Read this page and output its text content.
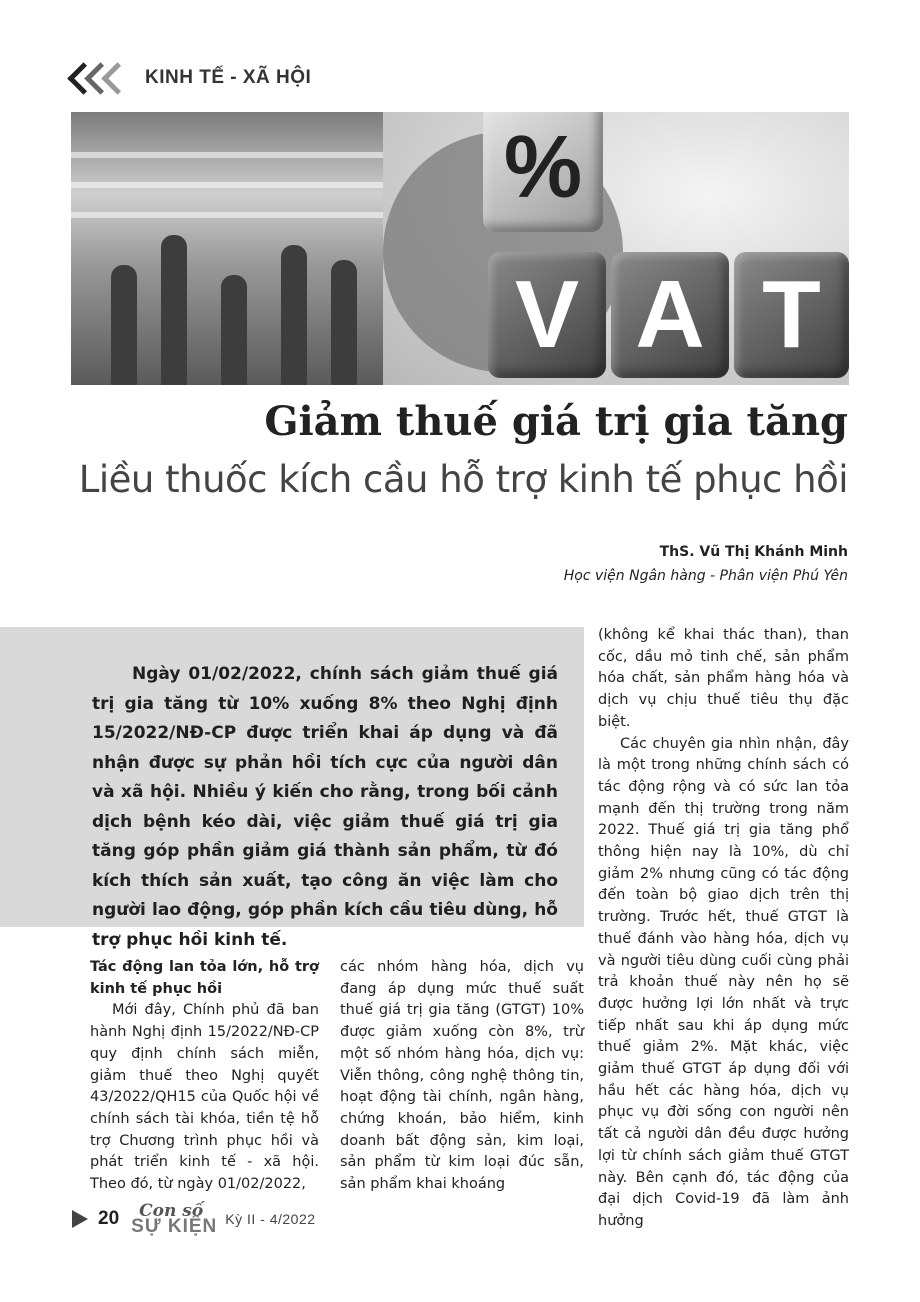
KINH TẾ - XÃ HỘI
%
V A T
Giảm thuế giá trị gia tăng
Liều thuốc kích cầu hỗ trợ kinh tế phục hồi
ThS. Vũ Thị Khánh Minh
Học viện Ngân hàng - Phân viện Phú Yên

Ngày 01/02/2022, chính sách giảm thuế giá trị gia tăng từ 10% xuống 8% theo Nghị định 15/2022/NĐ-CP được triển khai áp dụng và đã nhận được sự phản hồi tích cực của người dân và xã hội. Nhiều ý kiến cho rằng, trong bối cảnh dịch bệnh kéo dài, việc giảm thuế giá trị gia tăng góp phần giảm giá thành sản phẩm, từ đó kích thích sản xuất, tạo công ăn việc làm cho người lao động, góp phần kích cầu tiêu dùng, hỗ trợ phục hồi kinh tế.

Tác động lan tỏa lớn, hỗ trợ kinh tế phục hồi

Mới đây, Chính phủ đã ban hành Nghị định 15/2022/NĐ-CP quy định chính sách miễn, giảm thuế theo Nghị quyết 43/2022/QH15 của Quốc hội về chính sách tài khóa, tiền tệ hỗ trợ Chương trình phục hồi và phát triển kinh tế - xã hội. Theo đó, từ ngày 01/02/2022,

các nhóm hàng hóa, dịch vụ đang áp dụng mức thuế suất thuế giá trị gia tăng (GTGT) 10% được giảm xuống còn 8%, trừ một số nhóm hàng hóa, dịch vụ: Viễn thông, công nghệ thông tin, hoạt động tài chính, ngân hàng, chứng khoán, bảo hiểm, kinh doanh bất động sản, kim loại, sản phẩm từ kim loại đúc sẵn, sản phẩm khai khoáng

(không kể khai thác than), than cốc, dầu mỏ tinh chế, sản phẩm hóa chất, sản phẩm hàng hóa và dịch vụ chịu thuế tiêu thụ đặc biệt.

Các chuyên gia nhìn nhận, đây là một trong những chính sách có tác động rộng và có sức lan tỏa mạnh đến thị trường trong năm 2022. Thuế giá trị gia tăng phổ thông hiện nay là 10%, dù chỉ giảm 2% nhưng cũng có tác động đến toàn bộ giao dịch trên thị trường. Trước hết, thuế GTGT là thuế đánh vào hàng hóa, dịch vụ và người tiêu dùng cuối cùng phải trả khoản thuế này nên họ sẽ được hưởng lợi lớn nhất và trực tiếp nhất sau khi áp dụng mức thuế giảm 2%. Mặt khác, việc giảm thuế GTGT áp dụng đối với hầu hết các hàng hóa, dịch vụ phục vụ đời sống con người nên tất cả người dân đều được hưởng lợi từ chính sách giảm thuế GTGT này. Bên cạnh đó, tác động của đại dịch Covid-19 đã làm ảnh hưởng

20	Con số
SỰ KIỆN Kỳ II - 4/2022
